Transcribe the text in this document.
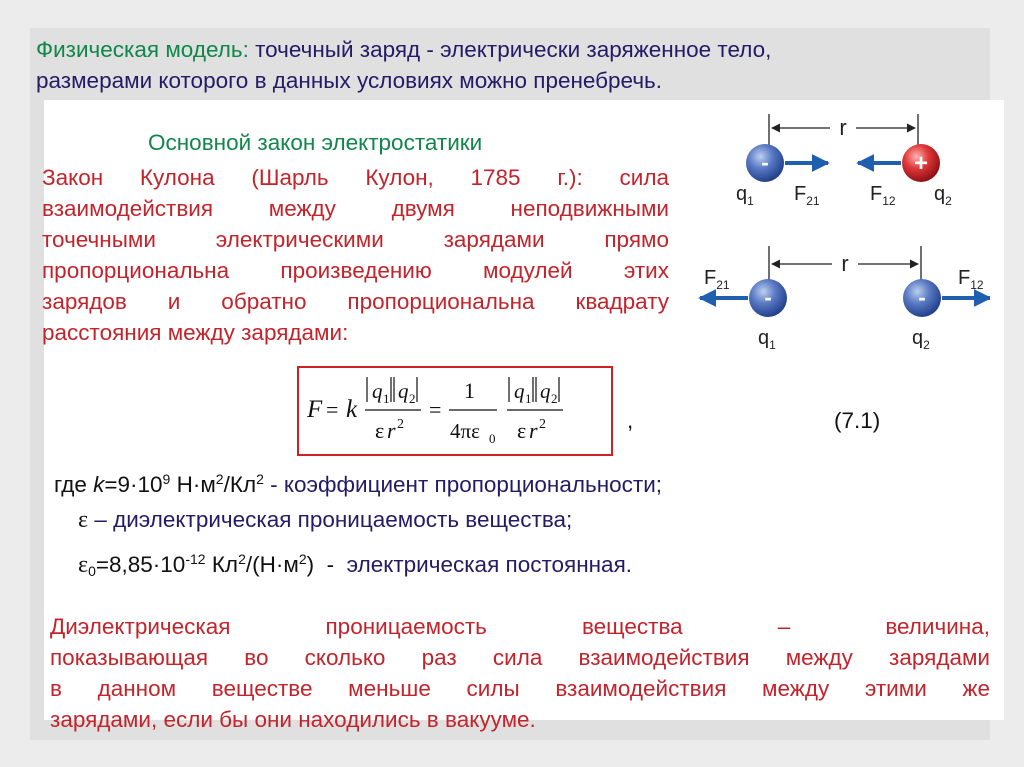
Физическая модель: точечный заряд - электрически заряженное тело,
размерами которого в данных условиях можно пренебречь.
Основной закон электростатики
Закон Кулона (Шарль Кулон, 1785 г.): сила
взаимодействия между двумя неподвижными
точечными электрическими зарядами прямо
пропорциональна произведению модулей этих
зарядов и обратно пропорциональна квадрату
расстояния между зарядами:
r
-	+
$q_1$ $F_{21}$	$F_{12}$ $q_2$
r
-	-
$F_{21}$	$F_{12}$
$q_1$	$q_2$
F = k
q 1 q 2
ε r 2
=
1
4πε 0
q 1 q 2
ε r 2	,	(7.1)
где $k=9\cdot 10^9$ $Н\cdot м^2/Кл^2$ - коэффициент пропорциональности;
ε – диэлектрическая проницаемость вещества;
$\varepsilon_0=8,85\cdot 10^{-12}$ $Кл^2/(Н\cdot м^2)$  -  электрическая постоянная.
Диэлектрическая проницаемость вещества – величина,
показывающая во сколько раз сила взаимодействия между зарядами
в данном веществе меньше силы взаимодействия между этими же
зарядами, если бы они находились в вакууме.
